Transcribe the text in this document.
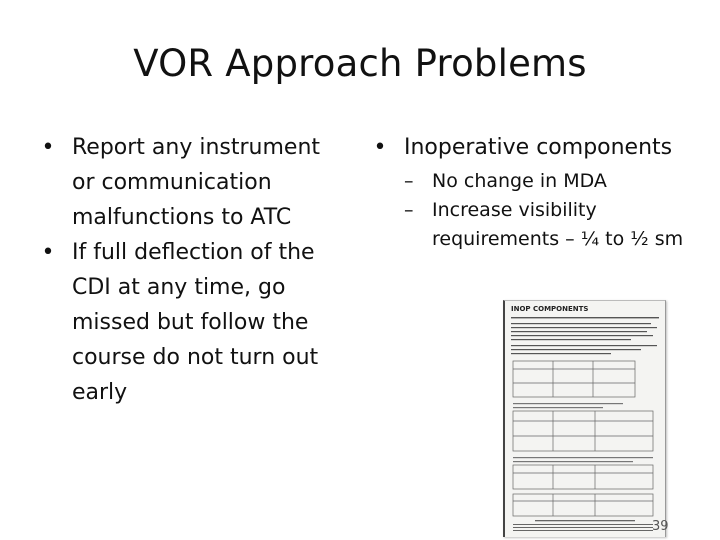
VOR Approach Problems
• Report any instrument or communication malfunctions to ATC
• If full deflection of the CDI at any time, go missed but follow the course do not turn out early
• Inoperative components
– No change in MDA
– Increase visibility requirements – ¼ to ½ sm
INOP COMPONENTS
39
